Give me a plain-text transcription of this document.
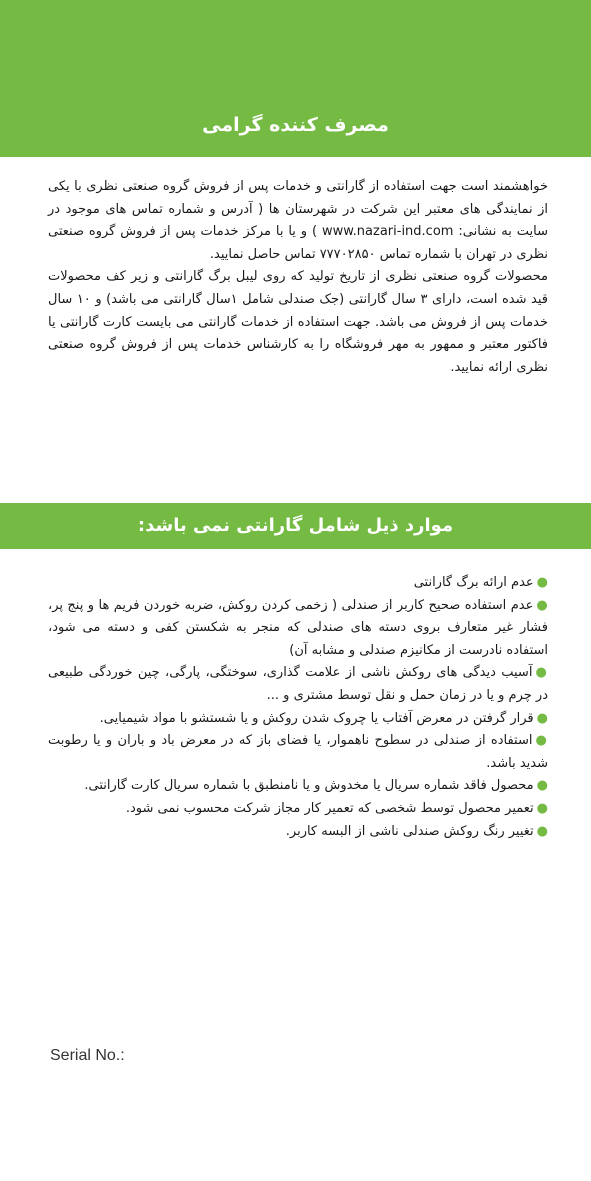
مصرف کننده گرامی

خواهشمند است جهت استفاده از گارانتی و خدمات پس از فروش گروه صنعتی نظری با یکی از نمایندگی های معتبر این شرکت در شهرستان ها ( آدرس و شماره تماس های موجود در سایت به نشانی: www.nazari-ind.com ) و یا با مرکز خدمات پس از فروش گروه صنعتی نظری در تهران با شماره تماس ۷۷۷۰۲۸۵۰ تماس حاصل نمایید.

محصولات گروه صنعتی نظری از تاریخ تولید که روی لیبل برگ گارانتی و زیر کف محصولات قید شده است، دارای ۳ سال گارانتی (جک صندلی شامل ۱سال گارانتی می باشد) و ۱۰ سال خدمات پس از فروش می باشد. جهت استفاده از خدمات گارانتی می بایست کارت گارانتی یا فاکتور معتبر و ممهور به مهر فروشگاه را به کارشناس خدمات پس از فروش گروه صنعتی نظری ارائه نمایید.

موارد ذیل شامل گارانتی نمی باشد:
●عدم ارائه برگ گارانتی
●عدم استفاده صحیح کاربر از صندلی ( زخمی کردن روکش، ضربه خوردن فریم ها و پنج پر، فشار غیر متعارف بروی دسته های صندلی که منجر به شکستن کفی و دسته می شود، استفاده نادرست از مکانیزم صندلی و مشابه آن)
●آسیب دیدگی های روکش ناشی از علامت گذاری، سوختگی، پارگی، چین خوردگی طبیعی در چرم و یا در زمان حمل و نقل توسط مشتری و ...
●قرار گرفتن در معرض آفتاب یا چروک شدن روکش و یا شستشو با مواد شیمیایی.
●استفاده از صندلی در سطوح ناهموار، یا فضای باز که در معرض باد و باران و یا رطوبت شدید باشد.
●محصول فاقد شماره سریال یا مخدوش و یا نامنطبق با شماره سریال کارت گارانتی.
●تعمیر محصول توسط شخصی که تعمیر کار مجاز شرکت محسوب نمی شود.
●تغییر رنگ روکش صندلی ناشی از البسه کاربر.
Serial No.:
